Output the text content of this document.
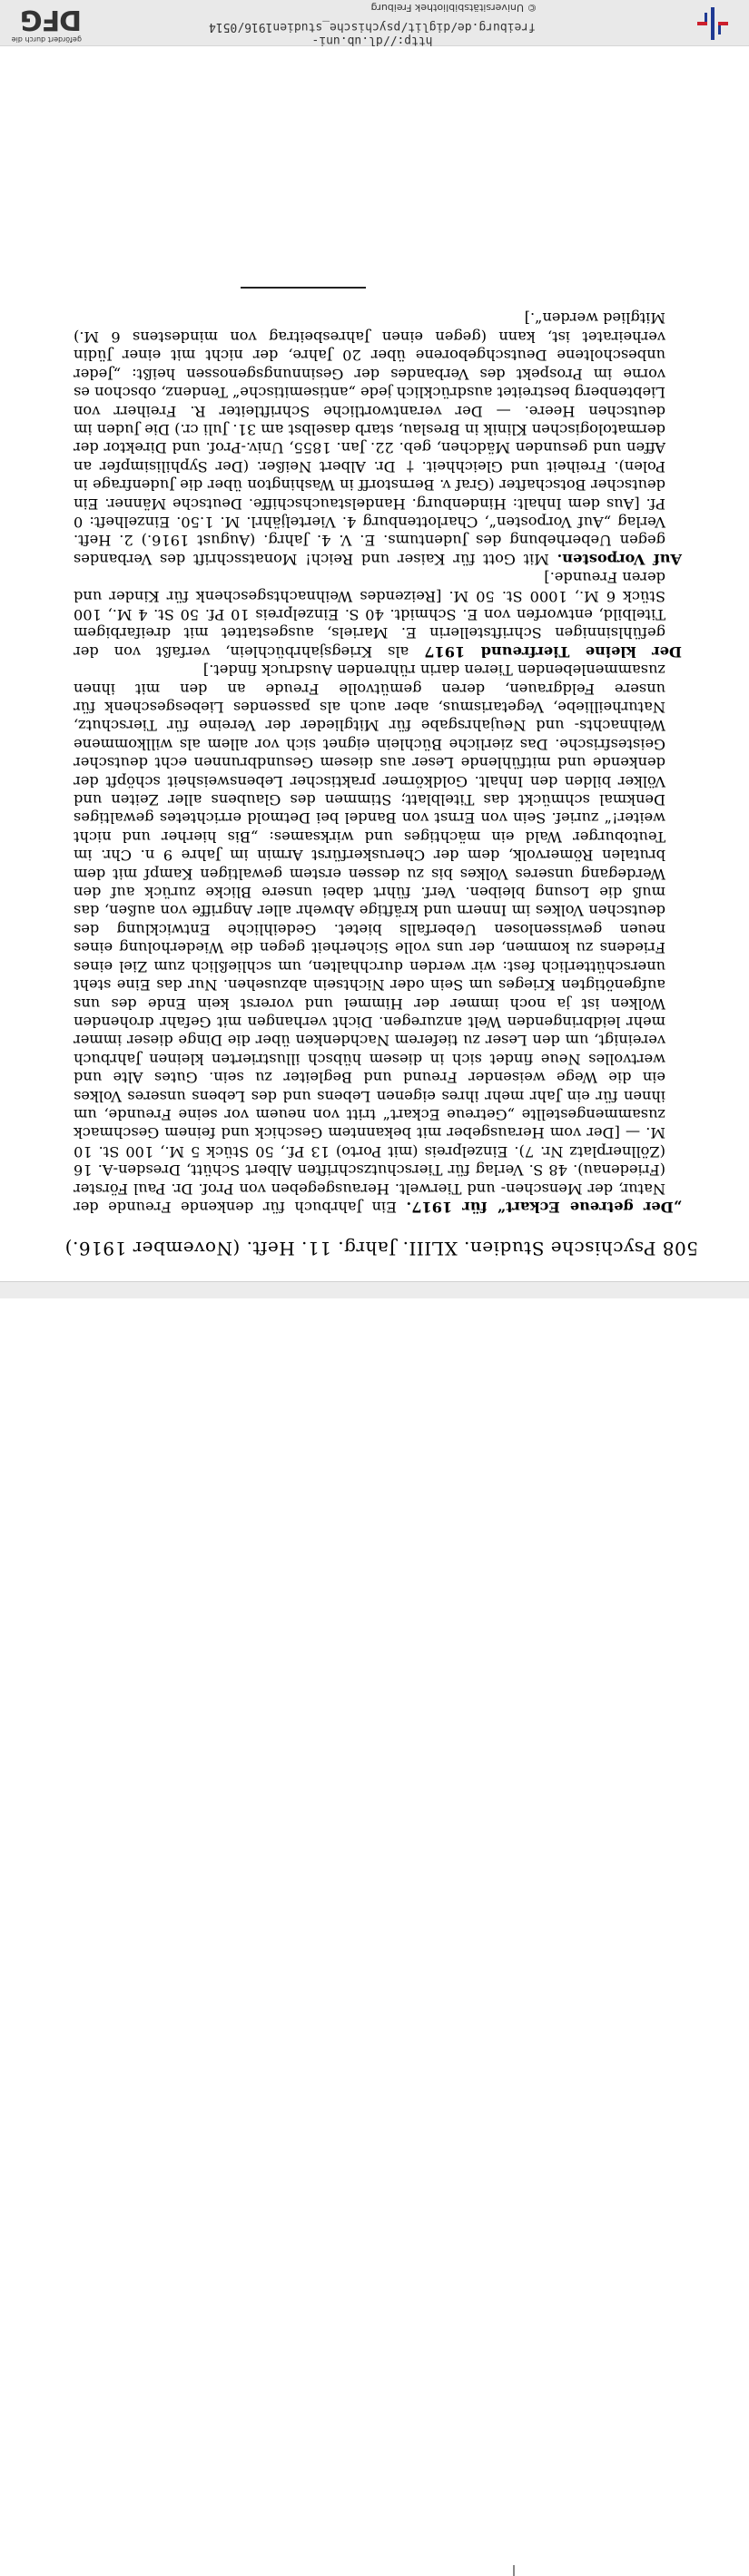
gefördert durch die
DFG	© Universitätsbibliothek Freiburg
http://dl.ub.uni-freiburg.de/diglit/psychische_studien1916/0514
508 Psychische Studien. XLIII. Jahrg. 11. Heft. (November 1916.)

„Der getreue Eckart“ für 1917. Ein Jahrbuch für denkende Freunde der Natur, der Menschen- und Tierwelt. Herausgegeben von Prof. Dr. Paul Förster (Friedenau). 48 S. Verlag für Tierschutzschriften Albert Schütt, Dresden-A. 16 (Zöllnerplatz Nr. 7). Einzelpreis (mit Porto) 13 Pf., 50 Stück 5 M., 100 St. 10 M. — [Der vom Herausgeber mit bekanntem Geschick und feinem Geschmack zusammengestellte „Getreue Eckart“ tritt von neuem vor seine Freunde, um ihnen für ein Jahr mehr ihres eigenen Lebens und des Lebens unseres Volkes ein die Wege weisender Freund und Begleiter zu sein. Gutes Alte und wertvolles Neue findet sich in diesem hübsch illustrierten kleinen Jahrbuch vereinigt, um den Leser zu tieferem Nachdenken über die Dinge dieser immer mehr leidbringenden Welt anzuregen. Dicht verhangen mit Gefahr drohenden Wolken ist ja noch immer der Himmel und vorerst kein Ende des uns aufgenötigten Krieges um Sein oder Nichtsein abzusehen. Nur das Eine steht unerschütterlich fest: wir werden durchhalten, um schließlich zum Ziel eines Friedens zu kommen, der uns volle Sicherheit gegen die Wiederholung eines neuen gewissenlosen Ueberfalls bietet. Gedeihliche Entwicklung des deutschen Volkes im Innern und kräftige Abwehr aller Angriffe von außen, das muß die Losung bleiben. Verf. führt dabei unsere Blicke zurück auf den Werdegang unseres Volkes bis zu dessen erstem gewaltigen Kampf mit dem brutalen Römervolk, dem der Cheruskerfürst Armin im Jahre 9 n. Chr. im Teutoburger Wald ein mächtiges und wirksames: „Bis hierher und nicht weiter!“ zurief. Sein von Ernst von Bandel bei Detmold errichtetes gewaltiges Denkmal schmückt das Titelblatt; Stimmen des Glaubens aller Zeiten und Völker bilden den Inhalt. Goldkörner praktischer Lebensweisheit schöpft der denkende und mitfühlende Leser aus diesem Gesundbrunnen echt deutscher Geistesfrische. Das zierliche Büchlein eignet sich vor allem als willkommene Weihnachts- und Neujahrsgabe für Mitglieder der Vereine für Tierschutz, Naturheilliebe, Vegetarismus, aber auch als passendes Liebesgeschenk für unsere Feldgrauen, deren gemütvolle Freude an den mit ihnen zusammenlebenden Tieren darin rührenden Ausdruck findet.]

Der kleine Tierfreund 1917 als Kriegsjahrbüchlein, verfaßt von der gefühlsinnigen Schriftstellerin E. Mariels, ausgestattet mit dreifarbigem Titelbild, entworfen von E. Schmidt. 40 S. Einzelpreis 10 Pf. 50 St. 4 M., 100 Stück 6 M., 1000 St. 50 M. [Reizendes Weihnachtsgeschenk für Kinder und deren Freunde.]

Auf Vorposten. Mit Gott für Kaiser und Reich! Monatsschrift des Verbandes gegen Ueberhebung des Judentums. E. V. 4. Jahrg. (August 1916.) 2. Heft. Verlag „Auf Vorposten“, Charlottenburg 4. Vierteljährl. M. 1.50. Einzelheft: 0 Pf. [Aus dem Inhalt: Hindenburg. Handelstauchschiffe. Deutsche Männer. Ein deutscher Botschafter (Graf v. Bernstorff in Washington über die Judenfrage in Polen). Freiheit und Gleichheit. † Dr. Albert Neißer. (Der Syphilisimpfer an Affen und gesunden Mädchen, geb. 22. Jan. 1855, Univ.-Prof. und Direktor der dermatologischen Klinik in Breslau, starb daselbst am 31. Juli cr.) Die Juden im deutschen Heere. — Der verantwortliche Schriftleiter R. Freiherr von Liebtenberg bestreitet ausdrücklich jede „antisemitische“ Tendenz, obschon es vorne im Prospekt des Verbandes der Gesinnungsgenossen heißt: „Jeder unbescholtene Deutschgeborene über 20 Jahre, der nicht mit einer Jüdin verheiratet ist, kann (gegen einen Jahresbeitrag von mindestens 6 M.) Mitglied werden“.]
